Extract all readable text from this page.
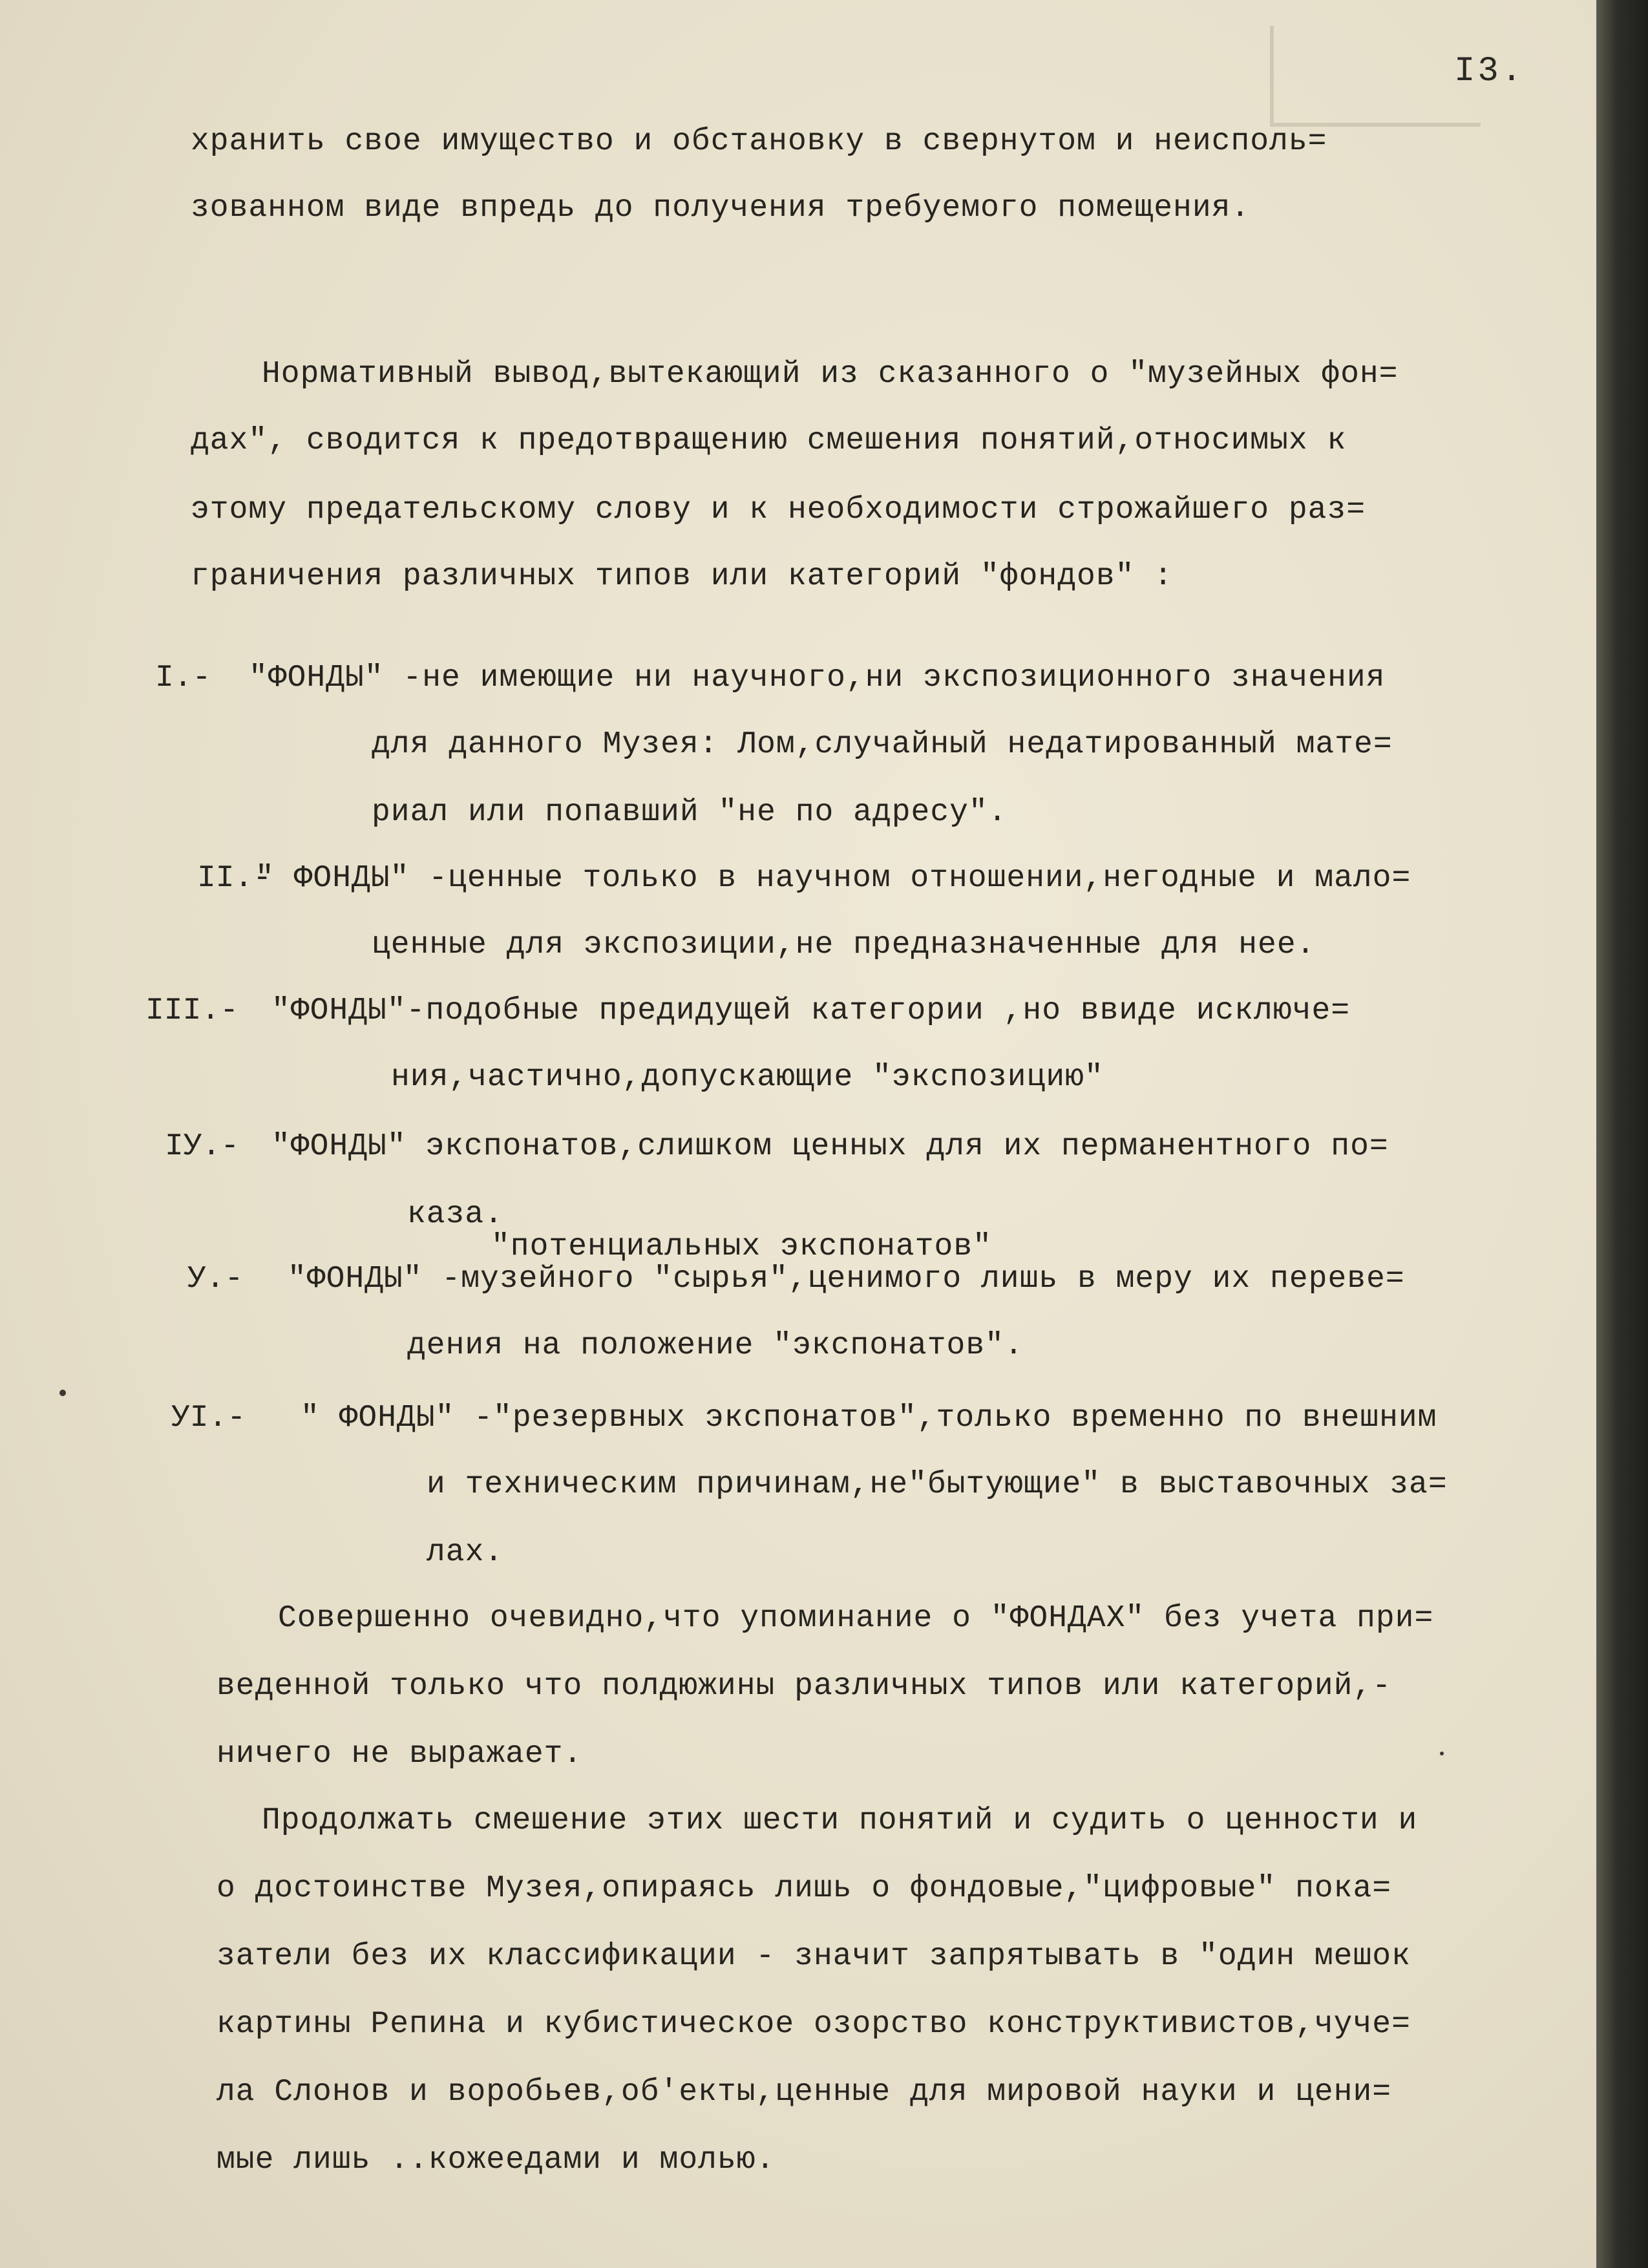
I3.
хранить свое имущество и обстановку в свернутом и неисполь=
зованном виде впредь до получения требуемого помещения.
Нормативный вывод,вытекающий из сказанного о "музейных фон=
дах", сводится к предотвращению смешения понятий,относимых к
этому предательскому слову и к необходимости строжайшего раз=
граничения различных типов или категорий "фондов" :
I.- "ФОНДЫ" -не имеющие ни научного,ни экспозиционного значения
для данного Музея: Лом,случайный недатированный мате=
риал или попавший "не по адресу".
II.-
" ФОНДЫ" -ценные только в научном отношении,негодные и мало=
ценные для экспозиции,не предназначенные для нее.
III.- "ФОНДЫ"-подобные предидущей категории ,но ввиде исключе=
ния,частично,допускающие "экспозицию"
IУ.- "ФОНДЫ" экспонатов,слишком ценных для их перманентного по=
каза.
"потенциальных экспонатов"
У.- "ФОНДЫ" -музейного "сырья",ценимого лишь в меру их переве=
дения на положение "экспонатов".
УI.- " ФОНДЫ" -"резервных экспонатов",только временно по внешним
и техническим причинам,не"бытующие" в выставочных за=
лах.
Совершенно очевидно,что упоминание о "ФОНДАХ" без учета при=
веденной только что полдюжины различных типов или категорий,-
ничего не выражает.
Продолжать смешение этих шести понятий и судить о ценности и
о достоинстве Музея,опираясь лишь о фондовые,"цифровые" пока=
затели без их классификации - значит запрятывать в "один мешок
картины Репина и кубистическое озорство конструктивистов,чуче=
ла Слонов и воробьев,об'екты,ценные для мировой науки и цени=
мые лишь ..кожеедами и молью.
